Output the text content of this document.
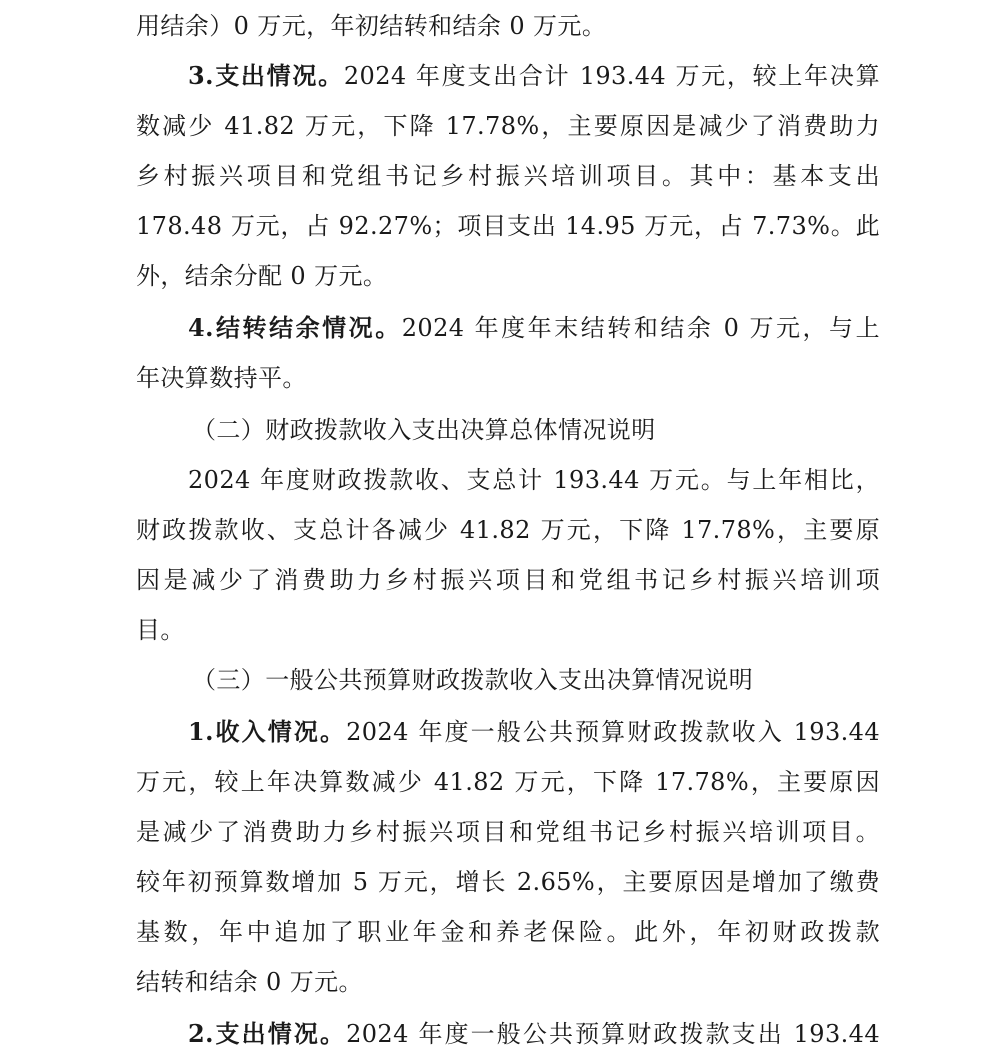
用结余）0 万元，年初结转和结余 0 万元。
3.支出情况。2024 年度支出合计 193.44 万元，较上年决算
数减少 41.82 万元，下降 17.78%，主要原因是减少了消费助力
乡村振兴项目和党组书记乡村振兴培训项目。其中：基本支出
178.48 万元，占 92.27%；项目支出 14.95 万元，占 7.73%。此
外，结余分配 0 万元。
4.结转结余情况。2024 年度年末结转和结余 0 万元，与上
年决算数持平。
（二）财政拨款收入支出决算总体情况说明
2024 年度财政拨款收、支总计 193.44 万元。与上年相比，
财政拨款收、支总计各减少 41.82 万元，下降 17.78%，主要原
因是减少了消费助力乡村振兴项目和党组书记乡村振兴培训项
目。
（三）一般公共预算财政拨款收入支出决算情况说明
1.收入情况。2024 年度一般公共预算财政拨款收入 193.44
万元，较上年决算数减少 41.82 万元，下降 17.78%，主要原因
是减少了消费助力乡村振兴项目和党组书记乡村振兴培训项目。
较年初预算数增加 5 万元，增长 2.65%，主要原因是增加了缴费
基数，年中追加了职业年金和养老保险。此外，年初财政拨款
结转和结余 0 万元。
2.支出情况。2024 年度一般公共预算财政拨款支出 193.44
